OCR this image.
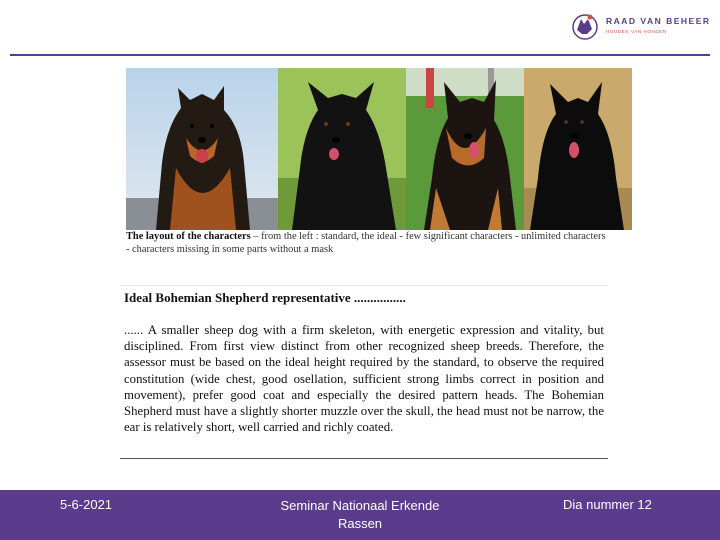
RAAD VAN BEHEER
HOUDEN VAN HONDEN
The layout of the characters – from the left : standard, the ideal - few significant characters - unlimited characters - characters missing in some parts without a mask
Ideal Bohemian Shepherd representative ................
...... A smaller sheep dog with a firm skeleton, with energetic expression and vitality, but disciplined. From first view distinct from other recognized sheep breeds. Therefore, the assessor must be based on the ideal height required by the standard, to observe the required constitution (wide chest, good osellation, sufficient strong limbs correct in position and movement), prefer good coat and especially the desired pattern heads. The Bohemian Shepherd must have a slightly shorter muzzle over the skull, the head must not be narrow, the ear is relatively short, well carried and richly coated.
5-6-2021	Seminar Nationaal Erkende Rassen
Dia nummer 12
